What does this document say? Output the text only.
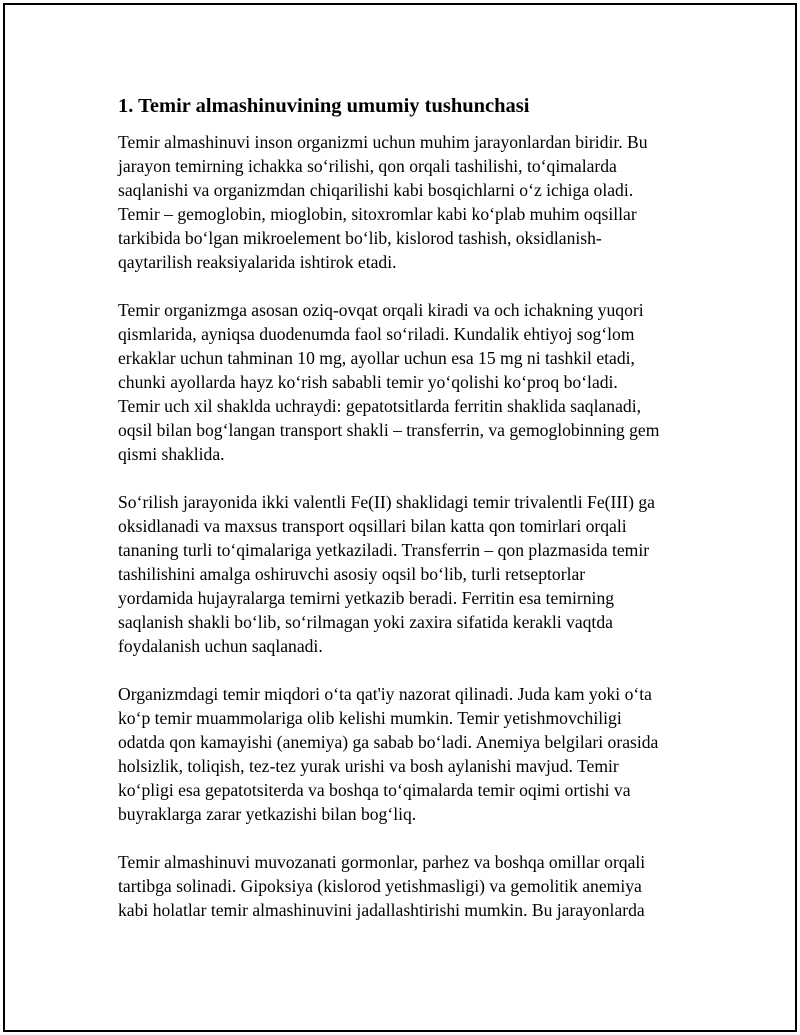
1. Temir almashinuvining umumiy tushunchasi

Temir almashinuvi inson organizmi uchun muhim jarayonlardan biridir. Bu
jarayon temirning ichakka so‘rilishi, qon orqali tashilishi, to‘qimalarda
saqlanishi va organizmdan chiqarilishi kabi bosqichlarni o‘z ichiga oladi.
Temir – gemoglobin, mioglobin, sitoxromlar kabi ko‘plab muhim oqsillar
tarkibida bo‘lgan mikroelement bo‘lib, kislorod tashish, oksidlanish-
qaytarilish reaksiyalarida ishtirok etadi.

Temir organizmga asosan oziq-ovqat orqali kiradi va och ichakning yuqori
qismlarida, ayniqsa duodenumda faol so‘riladi. Kundalik ehtiyoj sog‘lom
erkaklar uchun tahminan 10 mg, ayollar uchun esa 15 mg ni tashkil etadi,
chunki ayollarda hayz ko‘rish sababli temir yo‘qolishi ko‘proq bo‘ladi.
Temir uch xil shaklda uchraydi: gepatotsitlarda ferritin shaklida saqlanadi,
oqsil bilan bog‘langan transport shakli – transferrin, va gemoglobinning gem
qismi shaklida.

So‘rilish jarayonida ikki valentli Fe(II) shaklidagi temir trivalentli Fe(III) ga
oksidlanadi va maxsus transport oqsillari bilan katta qon tomirlari orqali
tananing turli to‘qimalariga yetkaziladi. Transferrin – qon plazmasida temir
tashilishini amalga oshiruvchi asosiy oqsil bo‘lib, turli retseptorlar
yordamida hujayralarga temirni yetkazib beradi. Ferritin esa temirning
saqlanish shakli bo‘lib, so‘rilmagan yoki zaxira sifatida kerakli vaqtda
foydalanish uchun saqlanadi.

Organizmdagi temir miqdori o‘ta qat'iy nazorat qilinadi. Juda kam yoki o‘ta
ko‘p temir muammolariga olib kelishi mumkin. Temir yetishmovchiligi
odatda qon kamayishi (anemiya) ga sabab bo‘ladi. Anemiya belgilari orasida
holsizlik, toliqish, tez-tez yurak urishi va bosh aylanishi mavjud. Temir
ko‘pligi esa gepatotsiterda va boshqa to‘qimalarda temir oqimi ortishi va
buyraklarga zarar yetkazishi bilan bog‘liq.

Temir almashinuvi muvozanati gormonlar, parhez va boshqa omillar orqali
tartibga solinadi. Gipoksiya (kislorod yetishmasligi) va gemolitik anemiya
kabi holatlar temir almashinuvini jadallashtirishi mumkin. Bu jarayonlarda
